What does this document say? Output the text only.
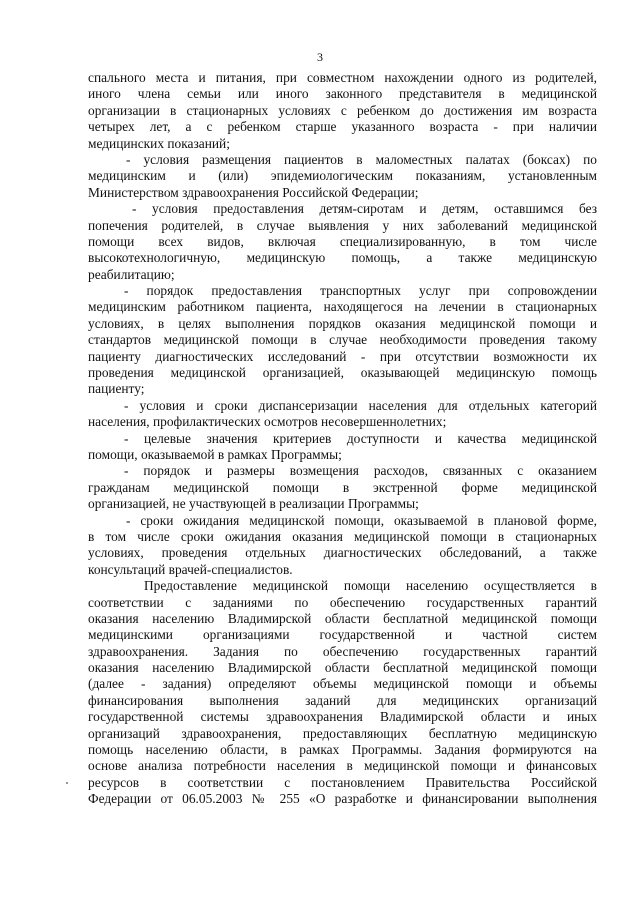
3
спального места и питания, при совместном нахождении одного из родителей,
иного члена семьи или иного законного представителя в медицинской
организации в стационарных условиях с ребенком до достижения им возраста
четырех лет, а с ребенком старше указанного возраста - при наличии
медицинских показаний;
- условия размещения пациентов в маломестных палатах (боксах) по
медицинским и (или) эпидемиологическим показаниям, установленным
Министерством здравоохранения Российской Федерации;
- условия предоставления детям-сиротам и детям, оставшимся без
попечения родителей, в случае выявления у них заболеваний медицинской
помощи всех видов, включая специализированную, в том числе
высокотехнологичную, медицинскую помощь, а также медицинскую
реабилитацию;
- порядок предоставления транспортных услуг при сопровождении
медицинским работником пациента, находящегося на лечении в стационарных
условиях, в целях выполнения порядков оказания медицинской помощи и
стандартов медицинской помощи в случае необходимости проведения такому
пациенту диагностических исследований - при отсутствии возможности их
проведения медицинской организацией, оказывающей медицинскую помощь
пациенту;
- условия и сроки диспансеризации населения для отдельных категорий
населения, профилактических осмотров несовершеннолетних;
- целевые значения критериев доступности и качества медицинской
помощи, оказываемой в рамках Программы;
- порядок и размеры возмещения расходов, связанных с оказанием
гражданам медицинской помощи в экстренной форме медицинской
организацией, не участвующей в реализации Программы;
- сроки ожидания медицинской помощи, оказываемой в плановой форме,
в том числе сроки ожидания оказания медицинской помощи в стационарных
условиях, проведения отдельных диагностических обследований, а также
консультаций врачей-специалистов.
Предоставление медицинской помощи населению осуществляется в
соответствии с заданиями по обеспечению государственных гарантий
оказания населению Владимирской области бесплатной медицинской помощи
медицинскими организациями государственной и частной систем
здравоохранения. Задания по обеспечению государственных гарантий
оказания населению Владимирской области бесплатной медицинской помощи
(далее - задания) определяют объемы медицинской помощи и объемы
финансирования выполнения заданий для медицинских организаций
государственной системы здравоохранения Владимирской области и иных
организаций здравоохранения, предоставляющих бесплатную медицинскую
помощь населению области, в рамках Программы. Задания формируются на
основе анализа потребности населения в медицинской помощи и финансовых
ресурсов в соответствии с постановлением Правительства Российской
Федерации от 06.05.2003 № 255 «О разработке и финансировании выполнения
